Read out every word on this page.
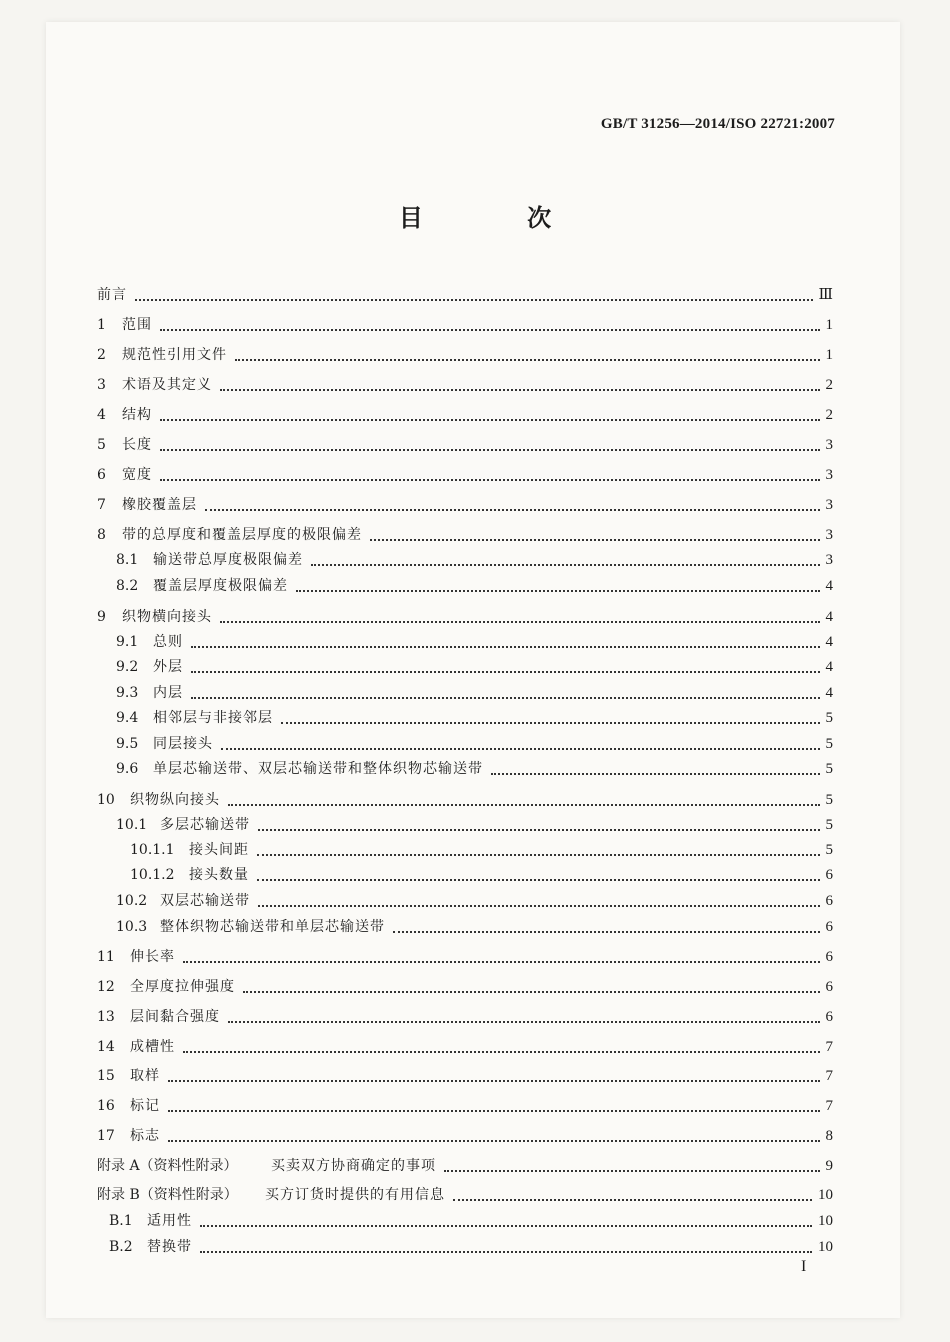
GB/T 31256—2014/ISO 22721:2007
目 次
前言	Ⅲ
1	范围	1
2	规范性引用文件	1
3	术语及其定义	2
4	结构	2
5	长度	3
6	宽度	3
7	橡胶覆盖层	3
8	带的总厚度和覆盖层厚度的极限偏差	3
8.1	输送带总厚度极限偏差	3
8.2	覆盖层厚度极限偏差	4
9	织物横向接头	4
9.1	总则	4
9.2	外层	4
9.3	内层	4
9.4	相邻层与非接邻层	5
9.5	同层接头	5
9.6	单层芯输送带、双层芯输送带和整体织物芯输送带	5
10	织物纵向接头	5
10.1 多层芯输送带	5
10.1.1	接头间距	5
10.1.2	接头数量	6
10.2 双层芯输送带	6
10.3 整体织物芯输送带和单层芯输送带	6
11	伸长率	6
12	全厚度拉伸强度	6
13	层间黏合强度	6
14	成槽性	7
15	取样	7
16	标记	7
17	标志	8
附录 A（资料性附录）	买卖双方协商确定的事项	9
附录 B（资料性附录）	买方订货时提供的有用信息	10
B.1	适用性	10
B.2	替换带	10
I
